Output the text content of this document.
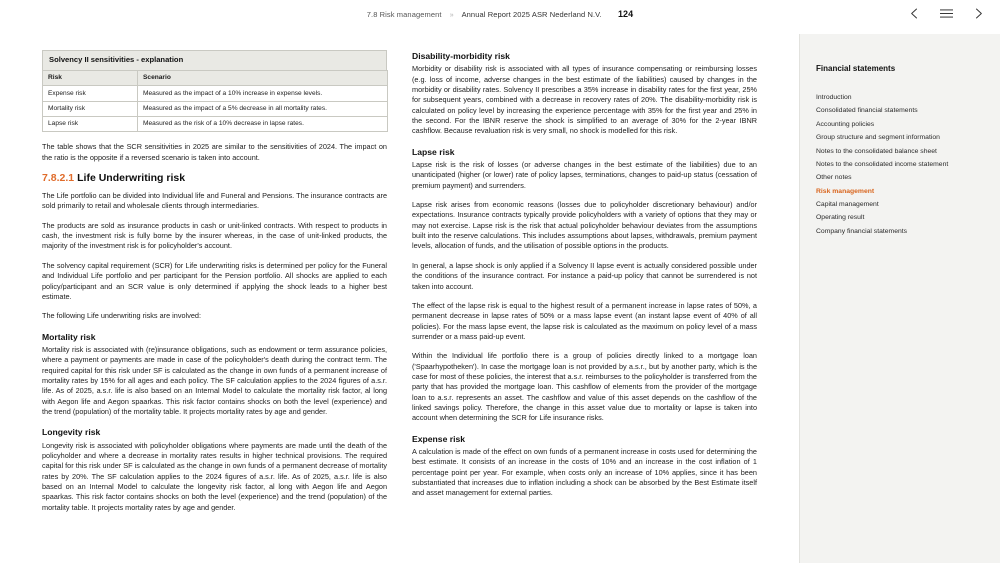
7.8 Risk management » Annual Report 2025 ASR Nederland N.V. 124
Solvency II sensitivities - explanation
Risk	Scenario
Expense risk	Measured as the impact of a 10% increase in expense levels.
Mortality risk	Measured as the impact of a 5% decrease in all mortality rates.
Lapse risk	Measured as the risk of a 10% decrease in lapse rates.

The table shows that the SCR sensitivities in 2025 are similar to the sensitivities of 2024. The impact on the ratio is the opposite if a reversed scenario is taken into account.

7.8.2.1 Life Underwriting risk

The Life portfolio can be divided into Individual life and Funeral and Pensions. The insurance contracts are sold primarily to retail and wholesale clients through intermediaries.

The products are sold as insurance products in cash or unit-linked contracts. With respect to products in cash, the investment risk is fully borne by the insurer whereas, in the case of unit-linked products, the majority of the investment risk is for policyholder's account.

The solvency capital requirement (SCR) for Life underwriting risks is determined per policy for the Funeral and Individual Life portfolio and per participant for the Pension portfolio. All shocks are applied to each policy/participant and an SCR value is only determined if applying the shock leads to a higher best estimate.

The following Life underwriting risks are involved:

Mortality risk

Mortality risk is associated with (re)insurance obligations, such as endowment or term assurance policies, where a payment or payments are made in case of the policyholder's death during the contract term. The required capital for this risk under SF is calculated as the change in own funds of a permanent increase of mortality rates by 15% for all ages and each policy. The SF calculation applies to the 2024 figures of a.s.r. life. As of 2025, a.s.r. life is also based on an Internal Model to calculate the mortality risk factor, al long with Aegon life and Aegon spaarkas. This risk factor contains shocks on both the level (experience) and the trend (population) of the mortality table. It projects mortality rates by age and gender.

Longevity risk

Longevity risk is associated with policyholder obligations where payments are made until the death of the policyholder and where a decrease in mortality rates results in higher technical provisions. The required capital for this risk under SF is calculated as the change in own funds of a permanent decrease of mortality rates by 20%. The SF calculation applies to the 2024 figures of a.s.r. life. As of 2025, a.s.r. life is also based on an Internal Model to calculate the longevity risk factor, al long with Aegon life and Aegon spaarkas. This risk factor contains shocks on both the level (experience) and the trend (population) of the mortality table. It projects mortality rates by age and gender.

Disability-morbidity risk

Morbidity or disability risk is associated with all types of insurance compensating or reimbursing losses (e.g. loss of income, adverse changes in the best estimate of the liabilities) caused by changes in the morbidity or disability rates. Solvency II prescribes a 35% increase in disability rates for the first year, 25% for subsequent years, combined with a decrease in recovery rates of 20%. The disability-morbidity risk is calculated on policy level by increasing the experience percentage with 35% for the first year and 25% in the second. For the IBNR reserve the shock is simplified to an average of 30% for the 2-year IBNR cashflow. Because revaluation risk is very small, no shock is modelled for this risk.

Lapse risk

Lapse risk is the risk of losses (or adverse changes in the best estimate of the liabilities) due to an unanticipated (higher (or lower) rate of policy lapses, terminations, changes to paid-up status (cessation of premium payment) and surrenders.

Lapse risk arises from economic reasons (losses due to policyholder discretionary behaviour) and/or expectations. Insurance contracts typically provide policyholders with a variety of options that they may or may not exercise. Lapse risk is the risk that actual policyholder behaviour deviates from the assumptions built into the reserve calculations. This includes assumptions about lapses, withdrawals, premium payment levels, allocation of funds, and the utilisation of possible options in the products.

In general, a lapse shock is only applied if a Solvency II lapse event is actually considered possible under the conditions of the insurance contract. For instance a paid-up policy that cannot be surrendered is not taken into account.

The effect of the lapse risk is equal to the highest result of a permanent increase in lapse rates of 50%, a permanent decrease in lapse rates of 50% or a mass lapse event (an instant lapse event of 40% of all policies). For the mass lapse event, the lapse risk is calculated as the maximum on policy level of a mass surrender or a mass paid-up event.

Within the Individual life portfolio there is a group of policies directly linked to a mortgage loan ('Spaarhypotheken'). In case the mortgage loan is not provided by a.s.r., but by another party, which is the case for most of these policies, the interest that a.s.r. reimburses to the policyholder is transferred from the party that has provided the mortgage loan. This cashflow of elements from the provider of the mortgage loan to a.s.r. represents an asset. The cashflow and value of this asset depends on the cashflow of the linked savings policy. Therefore, the change in this asset value due to mortality or lapse is taken into account when determining the SCR for Life insurance risks.

Expense risk

A calculation is made of the effect on own funds of a permanent increase in costs used for determining the best estimate. It consists of an increase in the costs of 10% and an increase in the cost inflation of 1 percentage point per year. For example, when costs only an increase of 10% applies, since it has been substantiated that increases due to inflation including a shock can be absorbed by the Best Estimate itself and asset management for external parties.

Financial statements
Introduction
Consolidated financial statements
Accounting policies
Group structure and segment information
Notes to the consolidated balance sheet
Notes to the consolidated income statement
Other notes
Risk management
Capital management
Operating result
Company financial statements
